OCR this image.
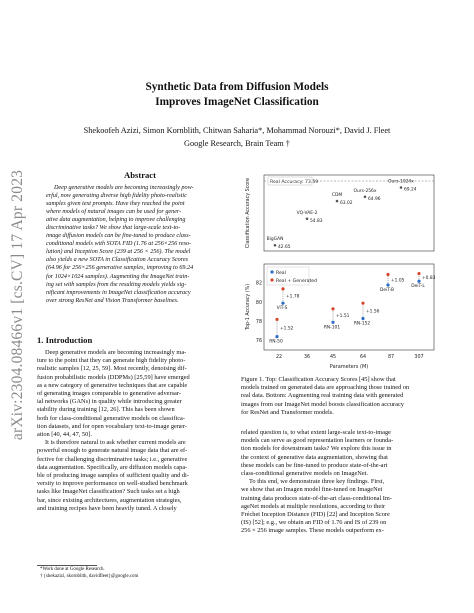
arXiv:2304.08466v1 [cs.CV] 17 Apr 2023
Synthetic Data from Diffusion Models
Improves ImageNet Classification
Shekoofeh Azizi, Simon Kornblith, Chitwan Saharia*, Mohammad Norouzi*, David J. Fleet
Google Research, Brain Team †
Abstract
Deep generative models are becoming increasingly pow-
erful, now generating diverse high fidelity photo-realistic
samples given text prompts. Have they reached the point
where models of natural images can be used for gener-
ative data augmentation, helping to improve challenging
discriminative tasks? We show that large-scale text-to-
image diffusion models can be fine-tuned to produce class-
conditional models with SOTA FID (1.76 at 256×256 reso-
lution) and Inception Score (239 at 256 × 256). The model
also yields a new SOTA in Classification Accuracy Scores
(64.96 for 256×256 generative samples, improving to 69.24
for 1024×1024 samples). Augmenting the ImageNet train-
ing set with samples from the resulting models yields sig-
nificant improvements in ImageNet classification accuracy
over strong ResNet and Vision Transformer baselines.
1. Introduction
Deep generative models are becoming increasingly ma-
ture to the point that they can generate high fidelity photo-
realistic samples [12, 25, 59]. Most recently, denoising dif-
fusion probabilistic models (DDPMs) [25,59] have emerged
as a new category of generative techniques that are capable
of generating images comparable to generative adversar-
ial networks (GANs) in quality while introducing greater
stability during training [12, 26]. This has been shown
both for class-conditional generative models on classifica-
tion datasets, and for open vocabulary text-to-image gener-
ation [40, 44, 47, 50].
It is therefore natural to ask whether current models are
powerful enough to generate natural image data that are ef-
fective for challenging discriminative tasks; i.e., generative
data augmentation. Specifically, are diffusion models capa-
ble of producing image samples of sufficient quality and di-
versity to improve performance on well-studied benchmark
tasks like ImageNet classification? Such tasks set a high
bar, since existing architectures, augmentation strategies,
and training recipes have been heavily tuned. A closely
*Work done at Google Research.
† {shekazizi, skornblith, davidfleet}@google.com
Classification Accuracy Score	Real Accuracy: 73.59
BigGAN
42.65
VQ-VAE-2
54.83
CDM
63.02
Ours-256x
64.96
Ours-1024x
69.24
Top-1 Accuracy (%)
Parameters (M)
Real
Real + Generated
22	36	45	64	87	307
76
78
80
82
RN-50
+1.52
ViT-S
+1.78
RN-101
+1.51
RN-152
+1.56
DeiT-B
+1.05
DeiT-L
+0.83
Figure 1. Top: Classification Accuracy Scores [45] show that
models trained on generated data are approaching those trained on
real data. Bottom: Augmenting real training data with generated
images from our ImageNet model boosts classification accuracy
for ResNet and Transformer models.
related question is, to what extent large-scale text-to-image
models can serve as good representation learners or founda-
tion models for downstream tasks? We explore this issue in
the context of generative data augmentation, showing that
these models can be fine-tuned to produce state-of-the-art
class-conditional generative models on ImageNet.
To this end, we demonstrate three key findings. First,
we show that an Imagen model fine-tuned on ImageNet
training data produces state-of-the-art class-conditional Im-
ageNet models at multiple resolutions, according to their
Fréchet Inception Distance (FID) [22] and Inception Score
(IS) [52]; e.g., we obtain an FID of 1.76 and IS of 239 on
256 × 256 image samples. These models outperform ex-
